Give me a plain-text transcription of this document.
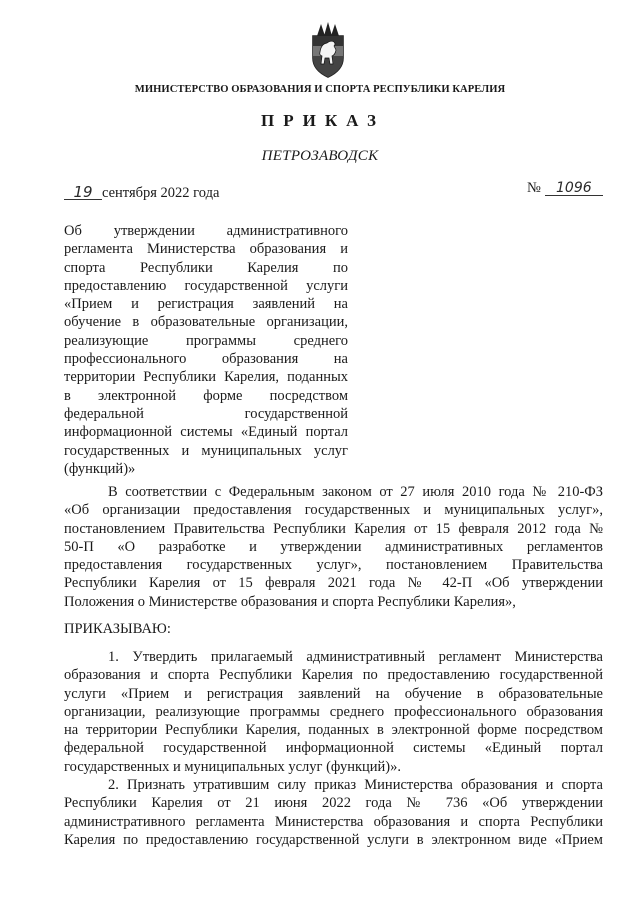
МИНИСТЕРСТВО ОБРАЗОВАНИЯ И СПОРТА РЕСПУБЛИКИ КАРЕЛИЯ
ПРИКАЗ
ПЕТРОЗАВОДСК
19 сентября 2022 года	№ 1096
Об утверждении административного
регламента Министерства образования и
спорта Республики Карелия по
предоставлению государственной услуги
«Прием и регистрация заявлений на
обучение в образовательные организации,
реализующие программы среднего
профессионального образования на
территории Республики Карелия, поданных
в электронной форме посредством
федеральной государственной
информационной системы «Единый портал
государственных и муниципальных услуг
(функций)»
В соответствии с Федеральным законом от 27 июля 2010 года № 210-ФЗ
«Об организации предоставления государственных и муниципальных услуг»,
постановлением Правительства Республики Карелия от 15 февраля 2012 года №
50-П «О разработке и утверждении административных регламентов
предоставления государственных услуг», постановлением Правительства
Республики Карелия от 15 февраля 2021 года № 42-П «Об утверждении
Положения о Министерстве образования и спорта Республики Карелия»,
ПРИКАЗЫВАЮ:
1. Утвердить прилагаемый административный регламент Министерства
образования и спорта Республики Карелия по предоставлению государственной
услуги «Прием и регистрация заявлений на обучение в образовательные
организации, реализующие программы среднего профессионального образования
на территории Республики Карелия, поданных в электронной форме посредством
федеральной государственной информационной системы «Единый портал
государственных и муниципальных услуг (функций)».
2. Признать утратившим силу приказ Министерства образования и спорта
Республики Карелия от 21 июня 2022 года № 736 «Об утверждении
административного регламента Министерства образования и спорта Республики
Карелия по предоставлению государственной услуги в электронном виде «Прием
